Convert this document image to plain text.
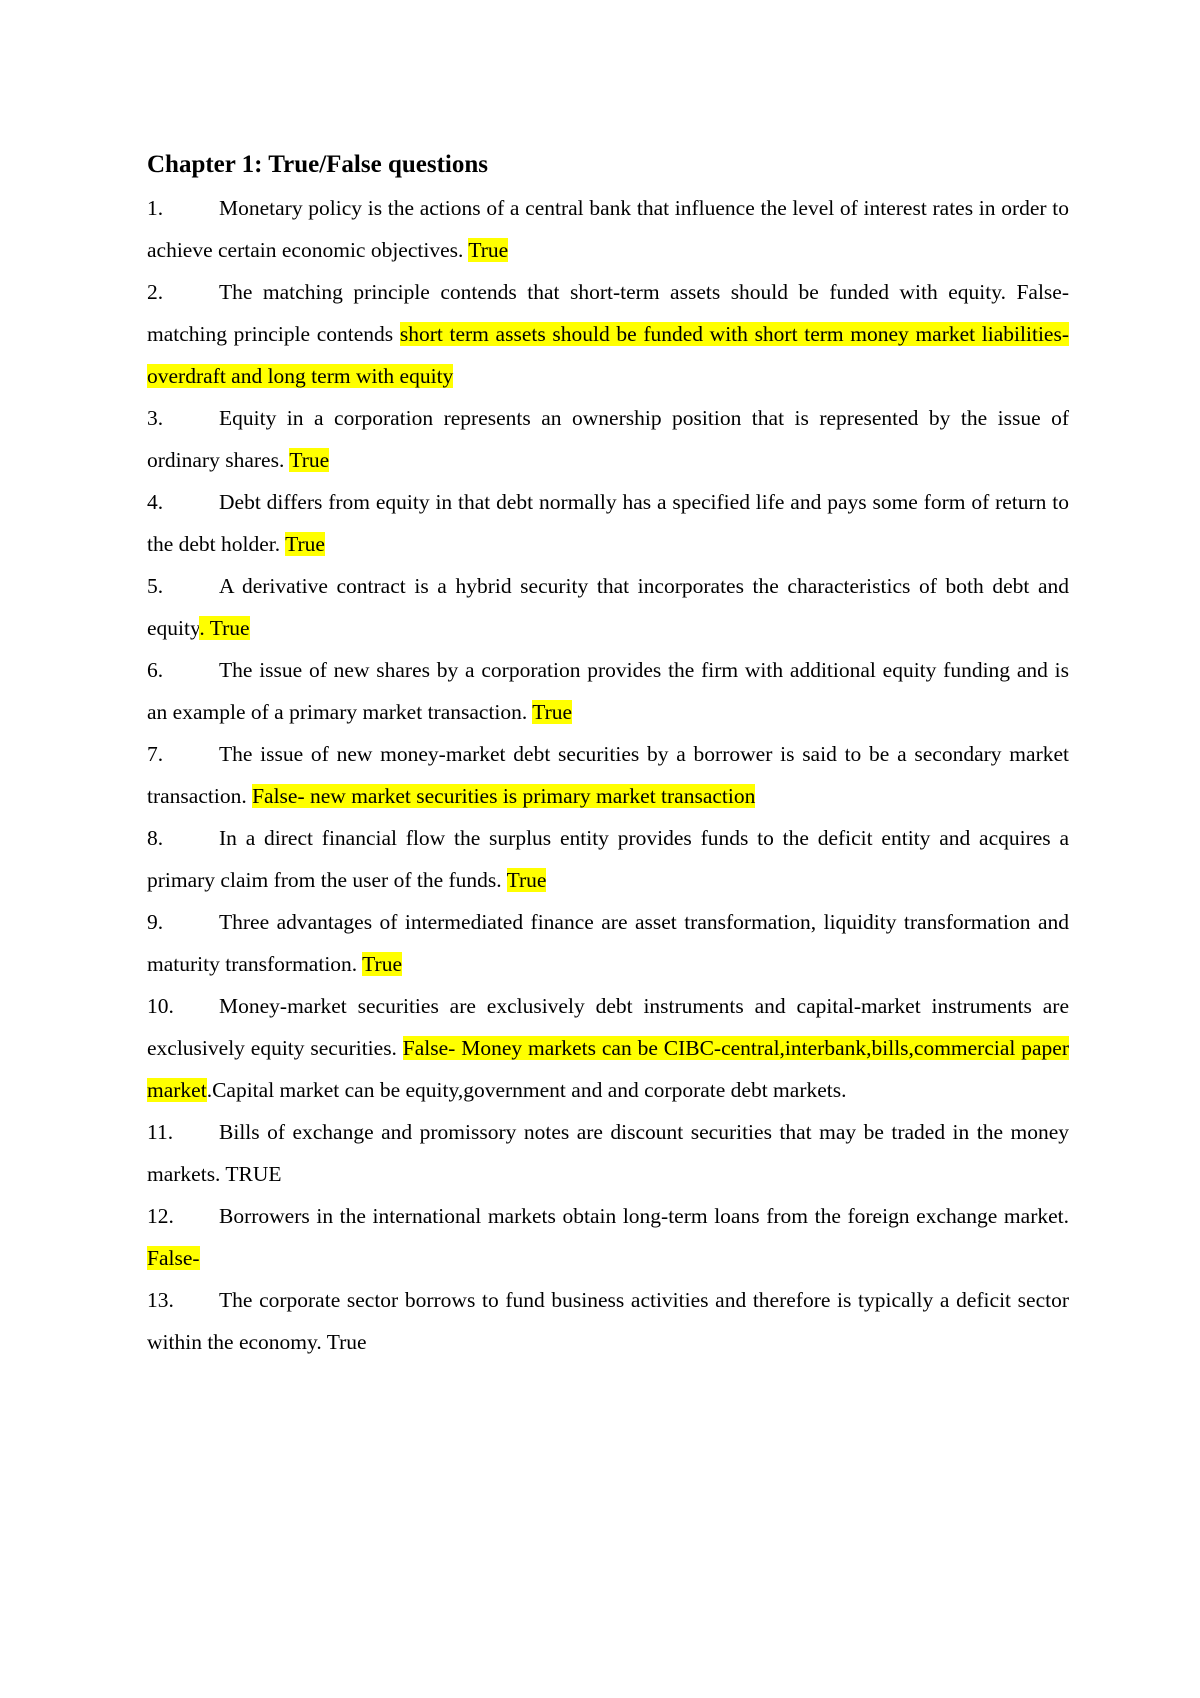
Chapter 1: True/False questions

1.	Monetary policy is the actions of a central bank that influence the level of interest rates in order to achieve certain economic objectives. True

2.	The matching principle contends that short-term assets should be funded with equity. False- matching principle contends short term assets should be funded with short term money market liabilities-overdraft and long term with equity

3.	Equity in a corporation represents an ownership position that is represented by the issue of ordinary shares. True

4.	Debt differs from equity in that debt normally has a specified life and pays some form of return to the debt holder. True

5.	A derivative contract is a hybrid security that incorporates the characteristics of both debt and equity. True

6.	The issue of new shares by a corporation provides the firm with additional equity funding and is an example of a primary market transaction. True

7.	The issue of new money-market debt securities by a borrower is said to be a secondary market transaction. False- new market securities is primary market transaction

8.	In a direct financial flow the surplus entity provides funds to the deficit entity and acquires a primary claim from the user of the funds. True

9.	Three advantages of intermediated finance are asset transformation, liquidity transformation and maturity transformation. True

10. Money-market securities are exclusively debt instruments and capital-market instruments are exclusively equity securities. False- Money markets can be CIBC-central,interbank,bills,commercial paper market.Capital market can be equity,government and and corporate debt markets.

11. Bills of exchange and promissory notes are discount securities that may be traded in the money markets. TRUE

12. Borrowers in the international markets obtain long-term loans from the foreign exchange market. False-

13. The corporate sector borrows to fund business activities and therefore is typically a deficit sector within the economy. True
